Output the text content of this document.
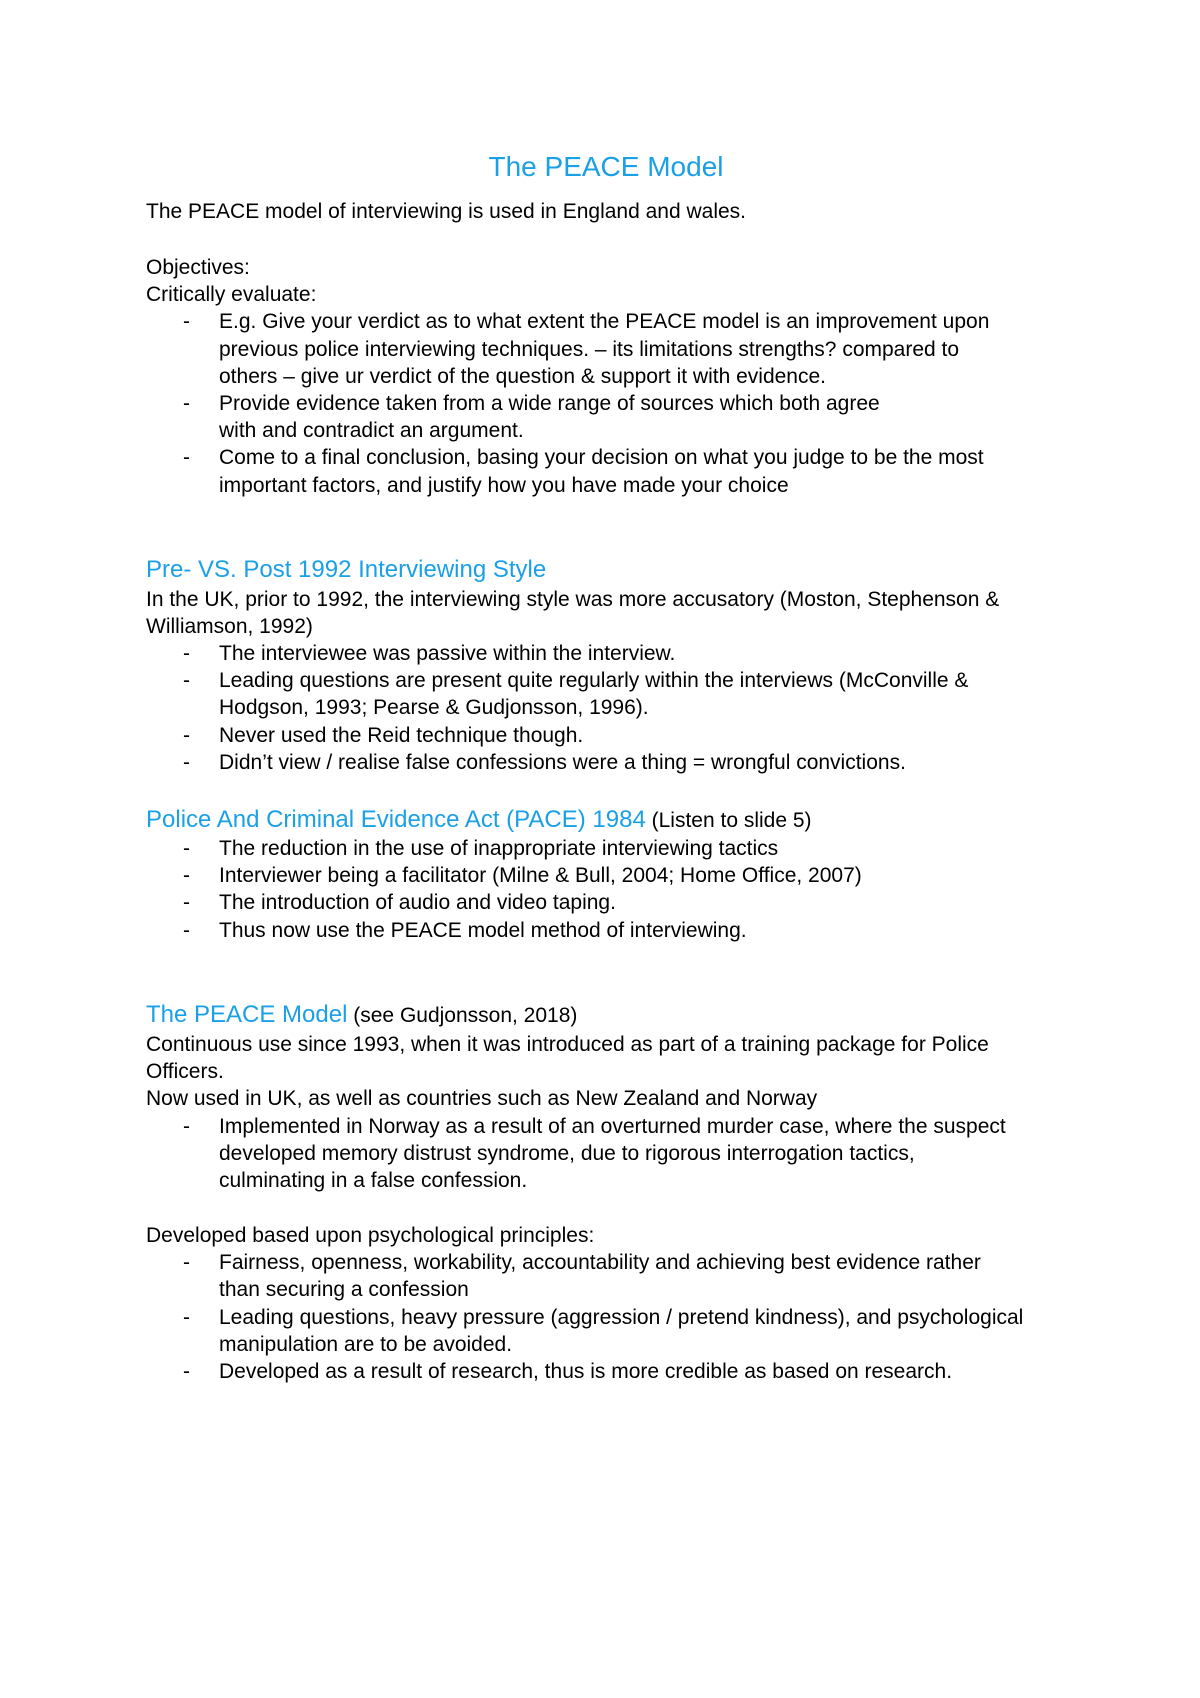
The PEACE Model
The PEACE model of interviewing is used in England and wales.
Objectives:
Critically evaluate:
-	E.g. Give your verdict as to what extent the PEACE model is an improvement upon
previous police interviewing techniques. – its limitations strengths? compared to
others – give ur verdict of the question & support it with evidence.
-	Provide evidence taken from a wide range of sources which both agree
with and contradict an argument.
-	Come to a final conclusion, basing your decision on what you judge to be the most
important factors, and justify how you have made your choice
Pre- VS. Post 1992 Interviewing Style
In the UK, prior to 1992, the interviewing style was more accusatory (Moston, Stephenson &
Williamson, 1992)
-	The interviewee was passive within the interview.
-	Leading questions are present quite regularly within the interviews (McConville &
Hodgson, 1993; Pearse & Gudjonsson, 1996).
-	Never used the Reid technique though.
-	Didn’t view / realise false confessions were a thing = wrongful convictions.
Police And Criminal Evidence Act (PACE) 1984 (Listen to slide 5)
-	The reduction in the use of inappropriate interviewing tactics
-	Interviewer being a facilitator (Milne & Bull, 2004; Home Office, 2007)
-	The introduction of audio and video taping.
-	Thus now use the PEACE model method of interviewing.
The PEACE Model (see Gudjonsson, 2018)
Continuous use since 1993, when it was introduced as part of a training package for Police
Officers.
Now used in UK, as well as countries such as New Zealand and Norway
-	Implemented in Norway as a result of an overturned murder case, where the suspect
developed memory distrust syndrome, due to rigorous interrogation tactics,
culminating in a false confession.
Developed based upon psychological principles:
-	Fairness, openness, workability, accountability and achieving best evidence rather
than securing a confession
-	Leading questions, heavy pressure (aggression / pretend kindness), and psychological
manipulation are to be avoided.
-	Developed as a result of research, thus is more credible as based on research.
